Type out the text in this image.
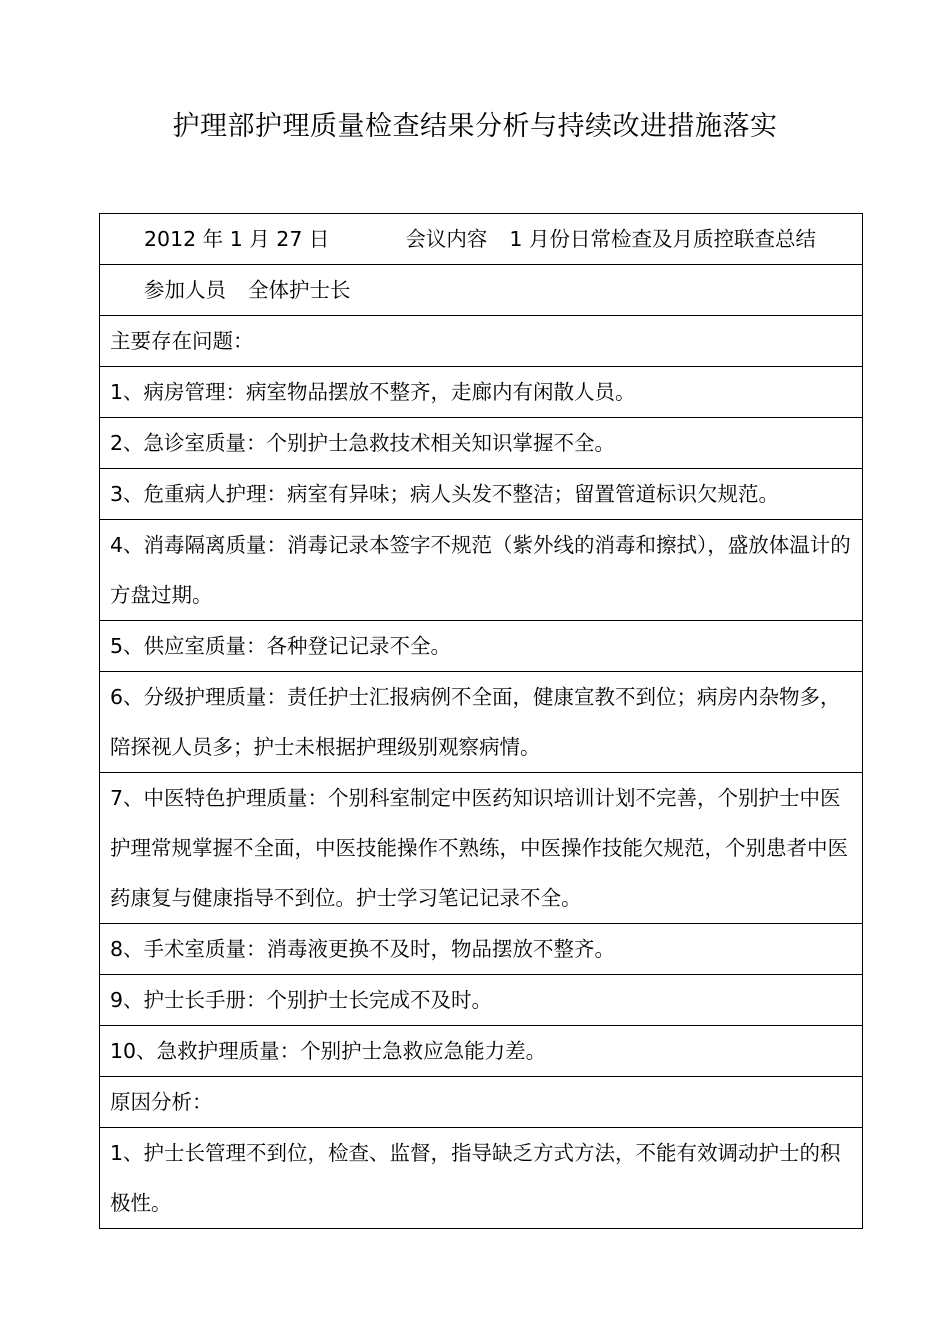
护理部护理质量检查结果分析与持续改进措施落实
2012 年 1 月 27 日	会议内容 1 月份日常检查及月质控联查总结
参加人员 全体护士长
主要存在问题：
1、病房管理：病室物品摆放不整齐，走廊内有闲散人员。
2、急诊室质量：个别护士急救技术相关知识掌握不全。
3、危重病人护理：病室有异味；病人头发不整洁；留置管道标识欠规范。
4、消毒隔离质量：消毒记录本签字不规范（紫外线的消毒和擦拭），盛放体温计的方盘过期。
5、供应室质量：各种登记记录不全。
6、分级护理质量：责任护士汇报病例不全面，健康宣教不到位；病房内杂物多，陪探视人员多；护士未根据护理级别观察病情。
7、中医特色护理质量：个别科室制定中医药知识培训计划不完善，个别护士中医护理常规掌握不全面，中医技能操作不熟练，中医操作技能欠规范，个别患者中医药康复与健康指导不到位。护士学习笔记记录不全。
8、手术室质量：消毒液更换不及时，物品摆放不整齐。
9、护士长手册：个别护士长完成不及时。
10、急救护理质量：个别护士急救应急能力差。
原因分析：
1、护士长管理不到位，检查、监督，指导缺乏方式方法，不能有效调动护士的积极性。
